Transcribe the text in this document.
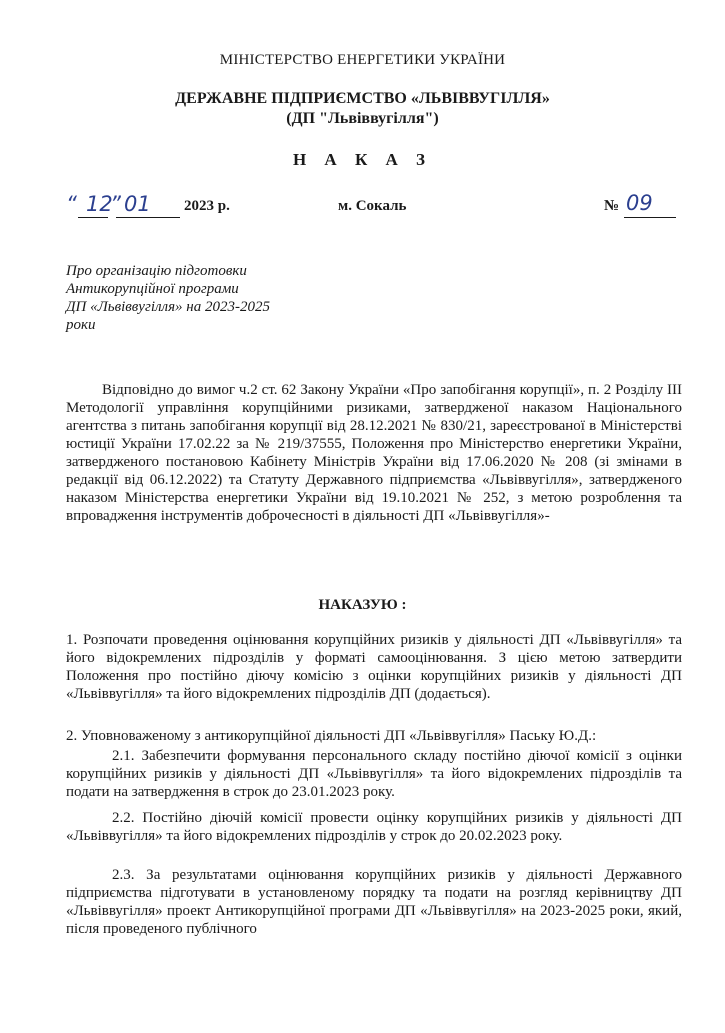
МІНІСТЕРСТВО ЕНЕРГЕТИКИ УКРАЇНИ
ДЕРЖАВНЕ ПІДПРИЄМСТВО «ЛЬВІВВУГІЛЛЯ»
(ДП "Львіввугілля")
Н А К А З
“ 12
” 01 2023 р.	м. Сокаль	№ 09
Про організацію підготовки
Антикорупційної програми
ДП «Львіввугілля» на 2023-2025
роки
Відповідно до вимог ч.2 ст. 62 Закону України «Про запобігання корупції», п. 2 Розділу ІІІ Методології управління корупційними ризиками, затвердженої наказом Національного агентства з питань запобігання корупції від 28.12.2021 № 830/21, зареєстрованої в Міністерстві юстиції України 17.02.22 за № 219/37555, Положення про Міністерство енергетики України, затвердженого постановою Кабінету Міністрів України від 17.06.2020 № 208 (зі змінами в редакції від 06.12.2022) та Статуту Державного підприємства «Львіввугілля», затвердженого наказом Міністерства енергетики України від 19.10.2021 № 252, з метою розроблення та впровадження інструментів доброчесності в діяльності ДП «Львіввугілля»-
НАКАЗУЮ :
1. Розпочати проведення оцінювання корупційних ризиків у діяльності ДП «Львіввугілля» та його відокремлених підрозділів у форматі самооцінювання. З цією метою затвердити Положення про постійно діючу комісію з оцінки корупційних ризиків у діяльності ДП «Львіввугілля» та його відокремлених підрозділів ДП (додається).
2. Уповноваженому з антикорупційної діяльності ДП «Львіввугілля» Паську Ю.Д.:
2.1. Забезпечити формування персонального складу постійно діючої комісії з оцінки корупційних ризиків у діяльності ДП «Львіввугілля» та його відокремлених підрозділів та подати на затвердження в строк до 23.01.2023 року.
2.2. Постійно діючій комісії провести оцінку корупційних ризиків у діяльності ДП «Львіввугілля» та його відокремлених підрозділів у строк до 20.02.2023 року.
2.3. За результатами оцінювання корупційних ризиків у діяльності Державного підприємства підготувати в установленому порядку та подати на розгляд керівництву ДП «Львіввугілля» проект Антикорупційної програми ДП «Львіввугілля» на 2023-2025 роки, який, після проведеного публічного
